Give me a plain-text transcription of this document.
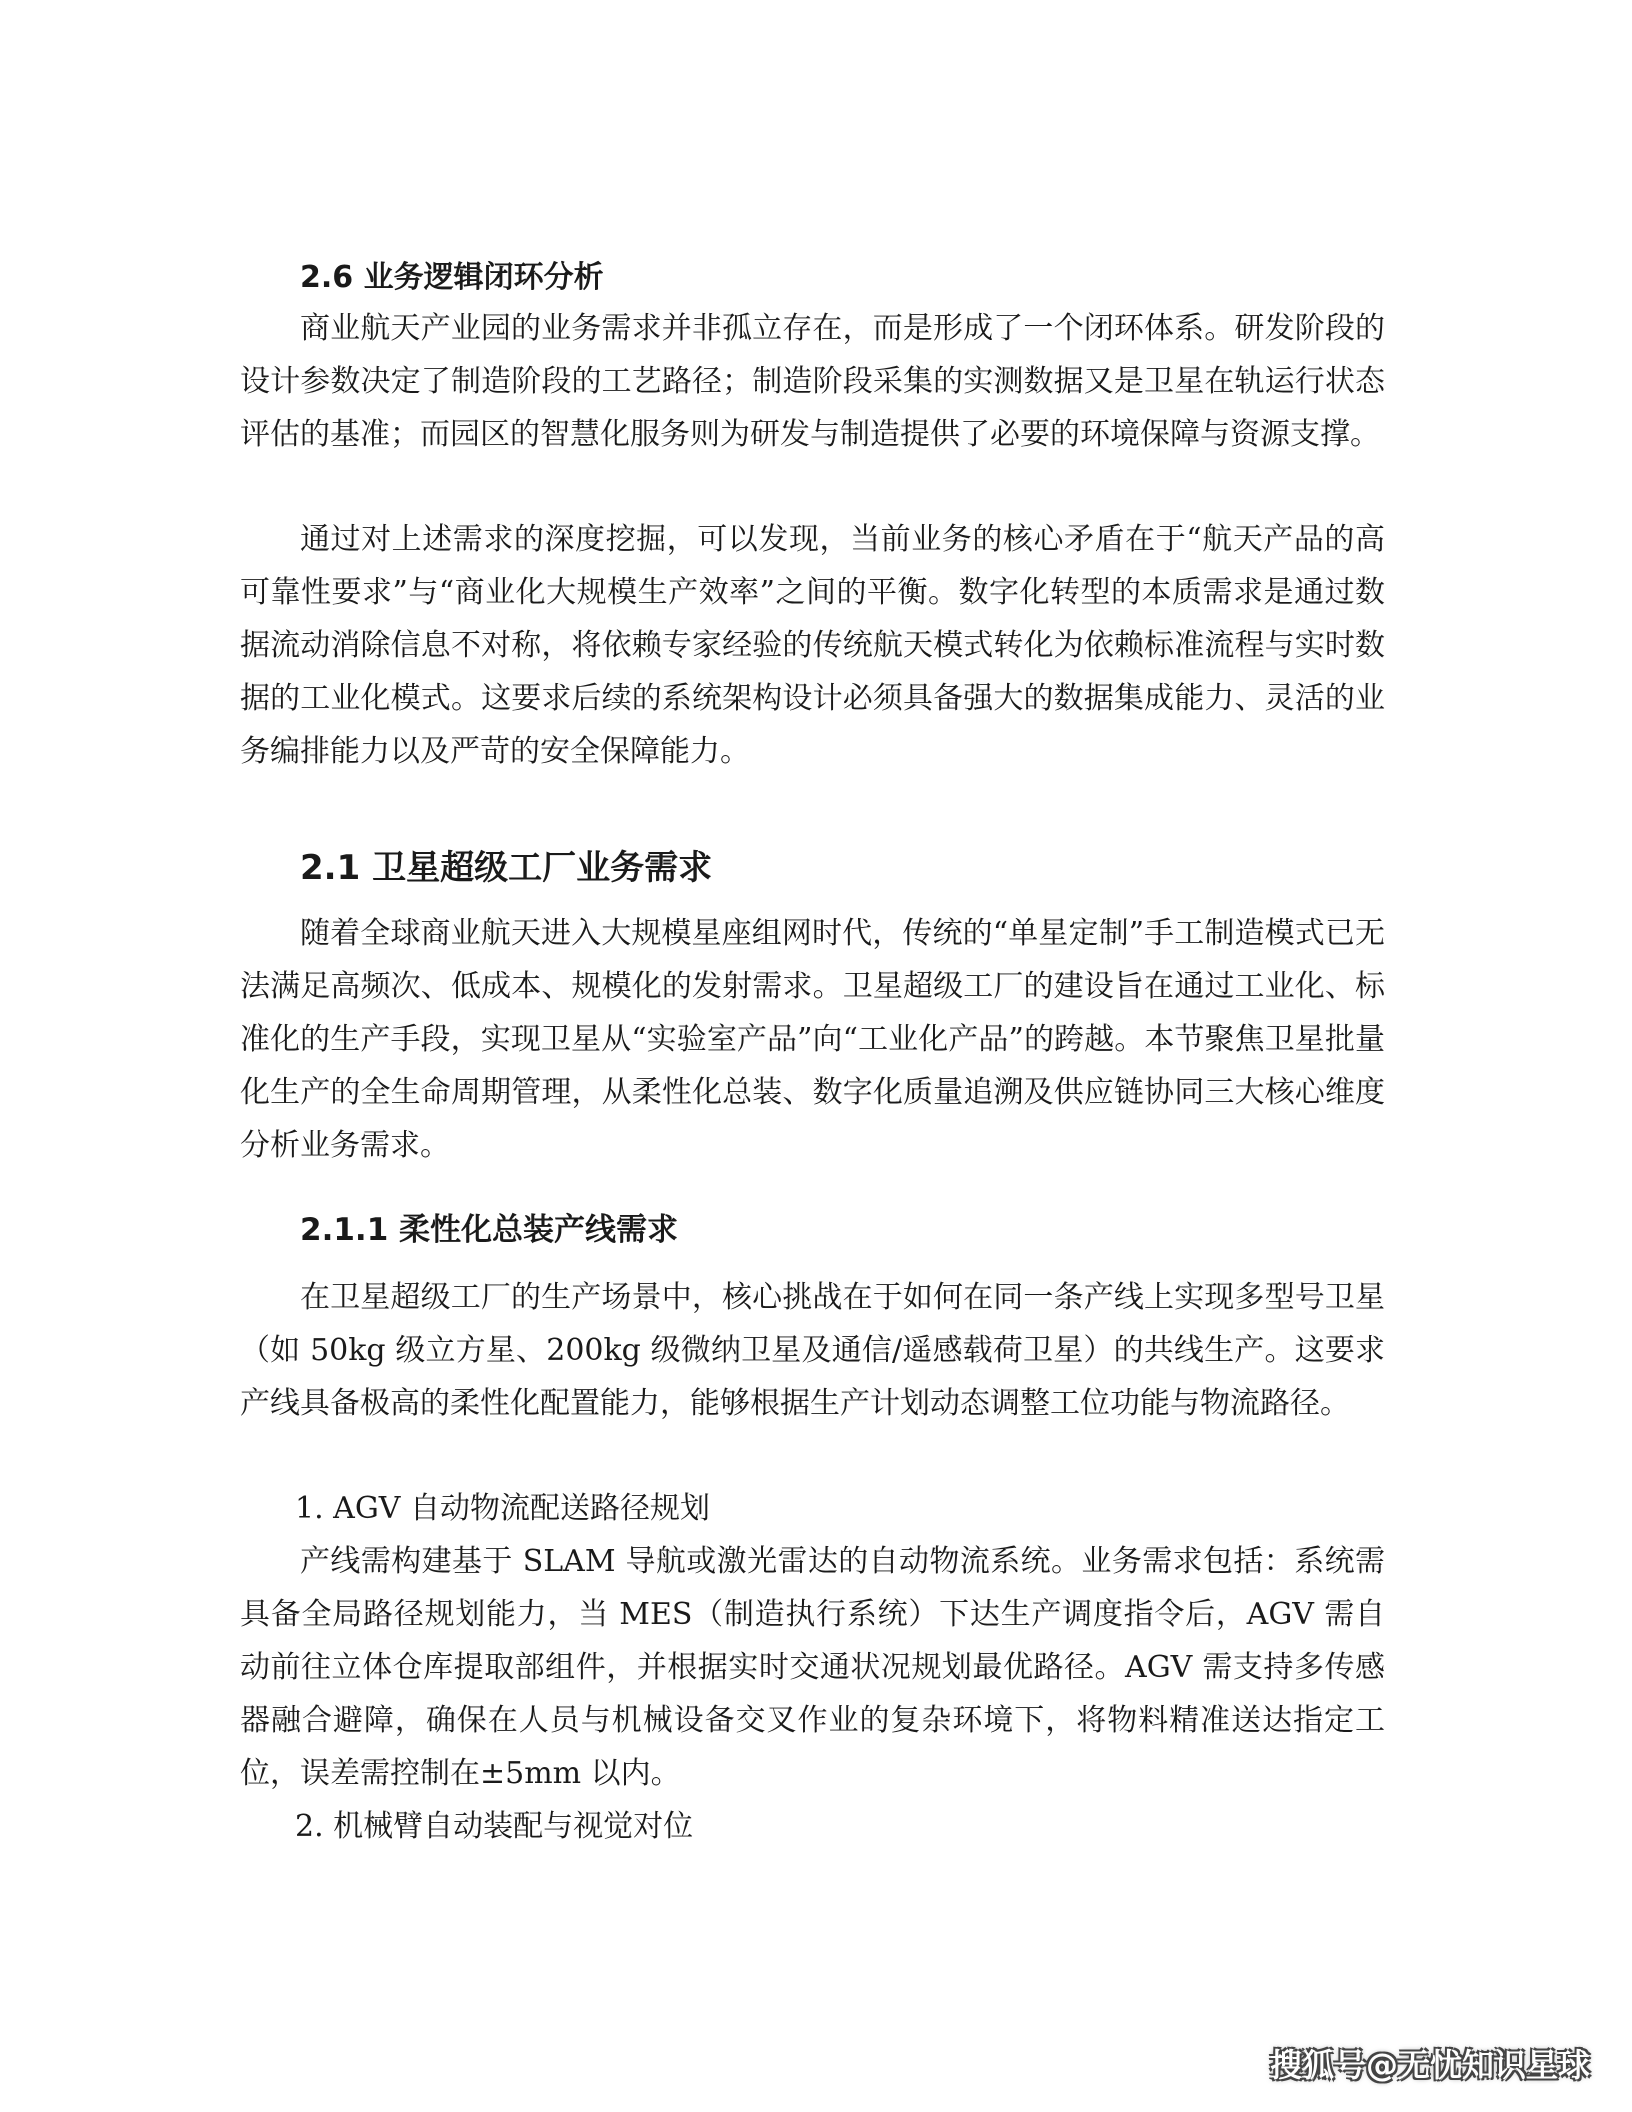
2.6 业务逻辑闭环分析

商业航天产业园的业务需求并非孤立存在，而是形成了一个闭环体系。研发阶段的设计参数决定了制造阶段的工艺路径；制造阶段采集的实测数据又是卫星在轨运行状态评估的基准；而园区的智慧化服务则为研发与制造提供了必要的环境保障与资源支撑。

通过对上述需求的深度挖掘，可以发现，当前业务的核心矛盾在于“航天产品的高可靠性要求”与“商业化大规模生产效率”之间的平衡。数字化转型的本质需求是通过数据流动消除信息不对称，将依赖专家经验的传统航天模式转化为依赖标准流程与实时数据的工业化模式。这要求后续的系统架构设计必须具备强大的数据集成能力、灵活的业务编排能力以及严苛的安全保障能力。

2.1 卫星超级工厂业务需求

随着全球商业航天进入大规模星座组网时代，传统的“单星定制”手工制造模式已无法满足高频次、低成本、规模化的发射需求。卫星超级工厂的建设旨在通过工业化、标准化的生产手段，实现卫星从“实验室产品”向“工业化产品”的跨越。本节聚焦卫星批量化生产的全生命周期管理，从柔性化总装、数字化质量追溯及供应链协同三大核心维度分析业务需求。

2.1.1 柔性化总装产线需求

在卫星超级工厂的生产场景中，核心挑战在于如何在同一条产线上实现多型号卫星（如 50kg 级立方星、200kg 级微纳卫星及通信/遥感载荷卫星）的共线生产。这要求产线具备极高的柔性化配置能力，能够根据生产计划动态调整工位功能与物流路径。

1. AGV 自动物流配送路径规划

产线需构建基于 SLAM 导航或激光雷达的自动物流系统。业务需求包括：系统需具备全局路径规划能力，当 MES（制造执行系统）下达生产调度指令后，AGV 需自动前往立体仓库提取部组件，并根据实时交通状况规划最优路径。AGV 需支持多传感器融合避障，确保在人员与机械设备交叉作业的复杂环境下，将物料精准送达指定工位，误差需控制在±5mm 以内。

2. 机械臂自动装配与视觉对位

搜狐号@无忧知识星球
